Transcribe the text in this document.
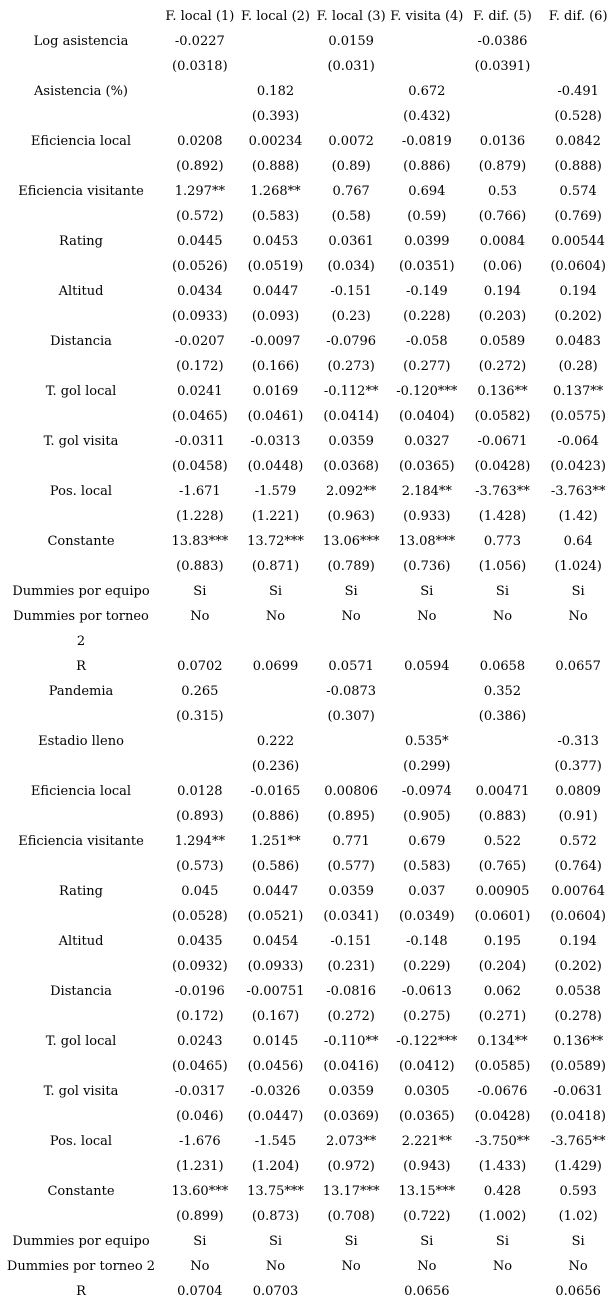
	F. local (1)	F. local (2)	F. local (3)	F. visita (4)	F. dif. (5)	F. dif. (6)
Log asistencia	-0.0227		0.0159		-0.0386	
	(0.0318)		(0.031)		(0.0391)	
Asistencia (%)		0.182		0.672		-0.491
		(0.393)		(0.432)		(0.528)
Eficiencia local	0.0208	0.00234	0.0072	-0.0819	0.0136	0.0842
	(0.892)	(0.888)	(0.89)	(0.886)	(0.879)	(0.888)
Eficiencia visitante	1.297**	1.268**	0.767	0.694	0.53	0.574
	(0.572)	(0.583)	(0.58)	(0.59)	(0.766)	(0.769)
Rating	0.0445	0.0453	0.0361	0.0399	0.0084	0.00544
	(0.0526)	(0.0519)	(0.034)	(0.0351)	(0.06)	(0.0604)
Altitud	0.0434	0.0447	-0.151	-0.149	0.194	0.194
	(0.0933)	(0.093)	(0.23)	(0.228)	(0.203)	(0.202)
Distancia	-0.0207	-0.0097	-0.0796	-0.058	0.0589	0.0483
	(0.172)	(0.166)	(0.273)	(0.277)	(0.272)	(0.28)
T. gol local	0.0241	0.0169	-0.112**	-0.120***	0.136**	0.137**
	(0.0465)	(0.0461)	(0.0414)	(0.0404)	(0.0582)	(0.0575)
T. gol visita	-0.0311	-0.0313	0.0359	0.0327	-0.0671	-0.064
	(0.0458)	(0.0448)	(0.0368)	(0.0365)	(0.0428)	(0.0423)
Pos. local	-1.671	-1.579	2.092**	2.184**	-3.763**	-3.763**
	(1.228)	(1.221)	(0.963)	(0.933)	(1.428)	(1.42)
Constante	13.83***	13.72***	13.06***	13.08***	0.773	0.64
	(0.883)	(0.871)	(0.789)	(0.736)	(1.056)	(1.024)
Dummies por equipo	Si	Si	Si	Si	Si	Si
Dummies por torneo	No	No	No	No	No	No
2						
R	0.0702	0.0699	0.0571	0.0594	0.0658	0.0657
Pandemia	0.265		-0.0873		0.352	
	(0.315)		(0.307)		(0.386)	
Estadio lleno		0.222		0.535*		-0.313
		(0.236)		(0.299)		(0.377)
Eficiencia local	0.0128	-0.0165	0.00806	-0.0974	0.00471	0.0809
	(0.893)	(0.886)	(0.895)	(0.905)	(0.883)	(0.91)
Eficiencia visitante	1.294**	1.251**	0.771	0.679	0.522	0.572
	(0.573)	(0.586)	(0.577)	(0.583)	(0.765)	(0.764)
Rating	0.045	0.0447	0.0359	0.037	0.00905	0.00764
	(0.0528)	(0.0521)	(0.0341)	(0.0349)	(0.0601)	(0.0604)
Altitud	0.0435	0.0454	-0.151	-0.148	0.195	0.194
	(0.0932)	(0.0933)	(0.231)	(0.229)	(0.204)	(0.202)
Distancia	-0.0196	-0.00751	-0.0816	-0.0613	0.062	0.0538
	(0.172)	(0.167)	(0.272)	(0.275)	(0.271)	(0.278)
T. gol local	0.0243	0.0145	-0.110**	-0.122***	0.134**	0.136**
	(0.0465)	(0.0456)	(0.0416)	(0.0412)	(0.0585)	(0.0589)
T. gol visita	-0.0317	-0.0326	0.0359	0.0305	-0.0676	-0.0631
	(0.046)	(0.0447)	(0.0369)	(0.0365)	(0.0428)	(0.0418)
Pos. local	-1.676	-1.545	2.073**	2.221**	-3.750**	-3.765**
	(1.231)	(1.204)	(0.972)	(0.943)	(1.433)	(1.429)
Constante	13.60***	13.75***	13.17***	13.15***	0.428	0.593
	(0.899)	(0.873)	(0.708)	(0.722)	(1.002)	(1.02)
Dummies por equipo	Si	Si	Si	Si	Si	Si
Dummies por torneo 2	No	No	No	No	No	No
R	0.0704	0.0703		0.0656		0.0656
